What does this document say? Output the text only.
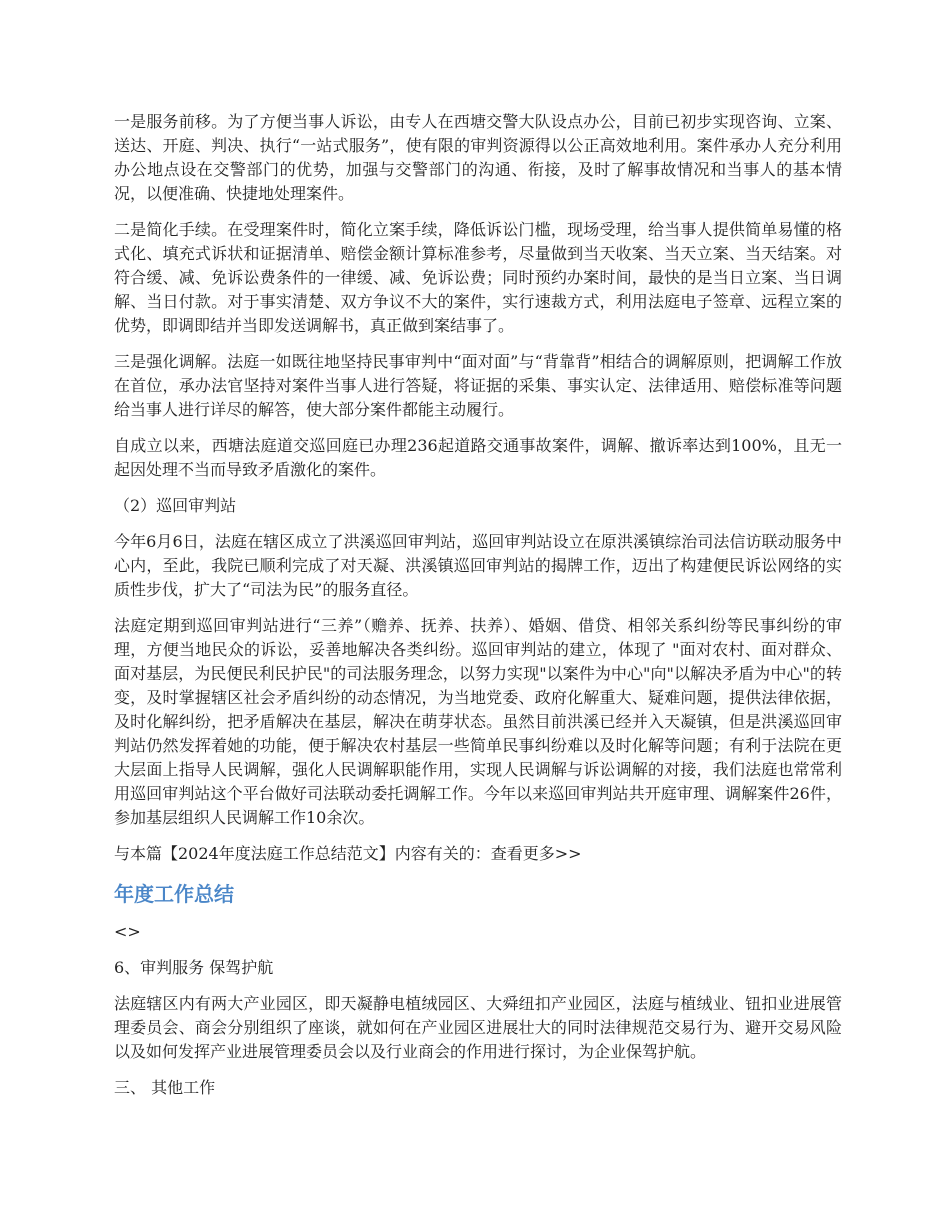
一是服务前移。为了方便当事人诉讼，由专人在西塘交警大队设点办公，目前已初步实现咨询、立案、送达、开庭、判决、执行“一站式服务”，使有限的审判资源得以公正高效地利用。案件承办人充分利用办公地点设在交警部门的优势，加强与交警部门的沟通、衔接，及时了解事故情况和当事人的基本情况，以便准确、快捷地处理案件。

二是简化手续。在受理案件时，简化立案手续，降低诉讼门槛，现场受理，给当事人提供简单易懂的格式化、填充式诉状和证据清单、赔偿金额计算标准参考，尽量做到当天收案、当天立案、当天结案。对符合缓、减、免诉讼费条件的一律缓、减、免诉讼费；同时预约办案时间，最快的是当日立案、当日调解、当日付款。对于事实清楚、双方争议不大的案件，实行速裁方式，利用法庭电子签章、远程立案的优势，即调即结并当即发送调解书，真正做到案结事了。

三是强化调解。法庭一如既往地坚持民事审判中“面对面”与“背靠背”相结合的调解原则，把调解工作放在首位，承办法官坚持对案件当事人进行答疑，将证据的采集、事实认定、法律适用、赔偿标准等问题给当事人进行详尽的解答，使大部分案件都能主动履行。

自成立以来，西塘法庭道交巡回庭已办理236起道路交通事故案件，调解、撤诉率达到100%，且无一起因处理不当而导致矛盾激化的案件。

（2）巡回审判站

今年6月6日，法庭在辖区成立了洪溪巡回审判站，巡回审判站设立在原洪溪镇综治司法信访联动服务中心内，至此，我院已顺利完成了对天凝、洪溪镇巡回审判站的揭牌工作，迈出了构建便民诉讼网络的实质性步伐，扩大了“司法为民”的服务直径。

法庭定期到巡回审判站进行“三养”（赡养、抚养、扶养）、婚姻、借贷、相邻关系纠纷等民事纠纷的审理，方便当地民众的诉讼，妥善地解决各类纠纷。巡回审判站的建立，体现了 "面对农村、面对群众、面对基层，为民便民利民护民"的司法服务理念，以努力实现"以案件为中心"向"以解决矛盾为中心"的转变，及时掌握辖区社会矛盾纠纷的动态情况，为当地党委、政府化解重大、疑难问题，提供法律依据，及时化解纠纷，把矛盾解决在基层，解决在萌芽状态。虽然目前洪溪已经并入天凝镇，但是洪溪巡回审判站仍然发挥着她的功能，便于解决农村基层一些简单民事纠纷难以及时化解等问题；有利于法院在更大层面上指导人民调解，强化人民调解职能作用，实现人民调解与诉讼调解的对接，我们法庭也常常利用巡回审判站这个平台做好司法联动委托调解工作。今年以来巡回审判站共开庭审理、调解案件26件，参加基层组织人民调解工作10余次。

与本篇【2024年度法庭工作总结范文】内容有关的：查看更多>>

年度工作总结

<>

6、审判服务 保驾护航

法庭辖区内有两大产业园区，即天凝静电植绒园区、大舜纽扣产业园区，法庭与植绒业、钮扣业进展管理委员会、商会分别组织了座谈，就如何在产业园区进展壮大的同时法律规范交易行为、避开交易风险以及如何发挥产业进展管理委员会以及行业商会的作用进行探讨，为企业保驾护航。

三、 其他工作
